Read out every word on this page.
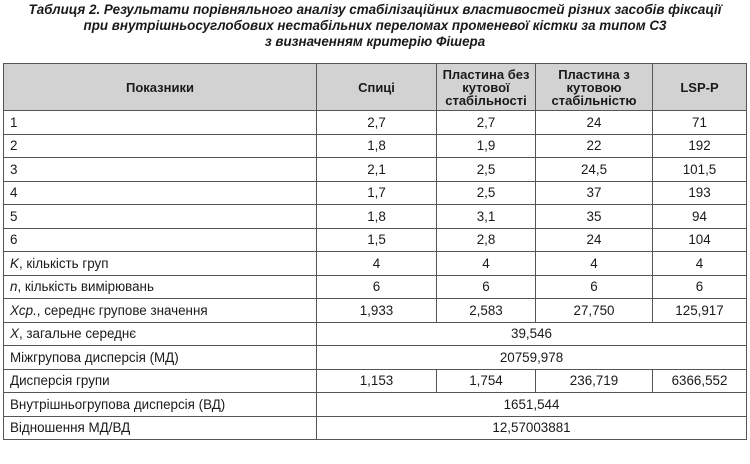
Таблиця 2. Результати порівняльного аналізу стабілізаційних властивостей різних засобів фіксації
при внутрішньосуглобових нестабільних переломах променевої кістки за типом С3
з визначенням критерію Фішера
Показники	Спиці	Пластина без кутової стабільності	Пластина з кутовою стабільністю	LSP-P
1	2,7	2,7	24	71
2	1,8	1,9	22	192
3	2,1	2,5	24,5	101,5
4	1,7	2,5	37	193
5	1,8	3,1	35	94
6	1,5	2,8	24	104
K, кількість груп	4	4	4	4
n, кількість вимірювань	6	6	6	6
Хср., середнє групове значення	1,933	2,583	27,750	125,917
Х, загальне середнє	39,546			
Міжгрупова дисперсія (МД)	20759,978			
Дисперсія групи	1,153	1,754	236,719	6366,552
Внутрішньогрупова дисперсія (ВД)	1651,544			
Відношення МД/ВД	12,57003881			
